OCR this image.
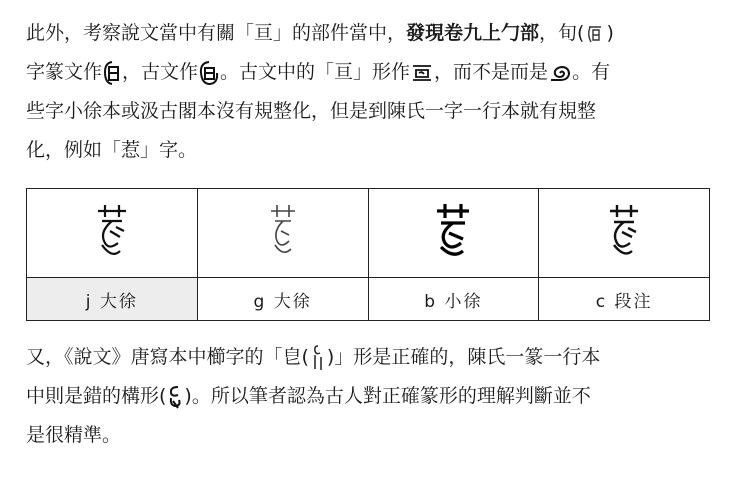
此外，考察說文當中有關「亘」的部件當中，發現卷九上勹部，旬( )
字篆文作 ，古文作 。古文中的「亘」形作 ，而不是而是 。有
些字小徐本或汲古閣本沒有規整化，但是到陳氏一字一行本就有規整
化，例如「惹」字。

j 大徐	g 大徐	b 小徐	c 段注
又，《說文》唐寫本中櫛字的「皀( )」形是正確的，陳氏一篆一行本
中則是錯的構形( )。所以筆者認為古人對正確篆形的理解判斷並不
是很精準。
